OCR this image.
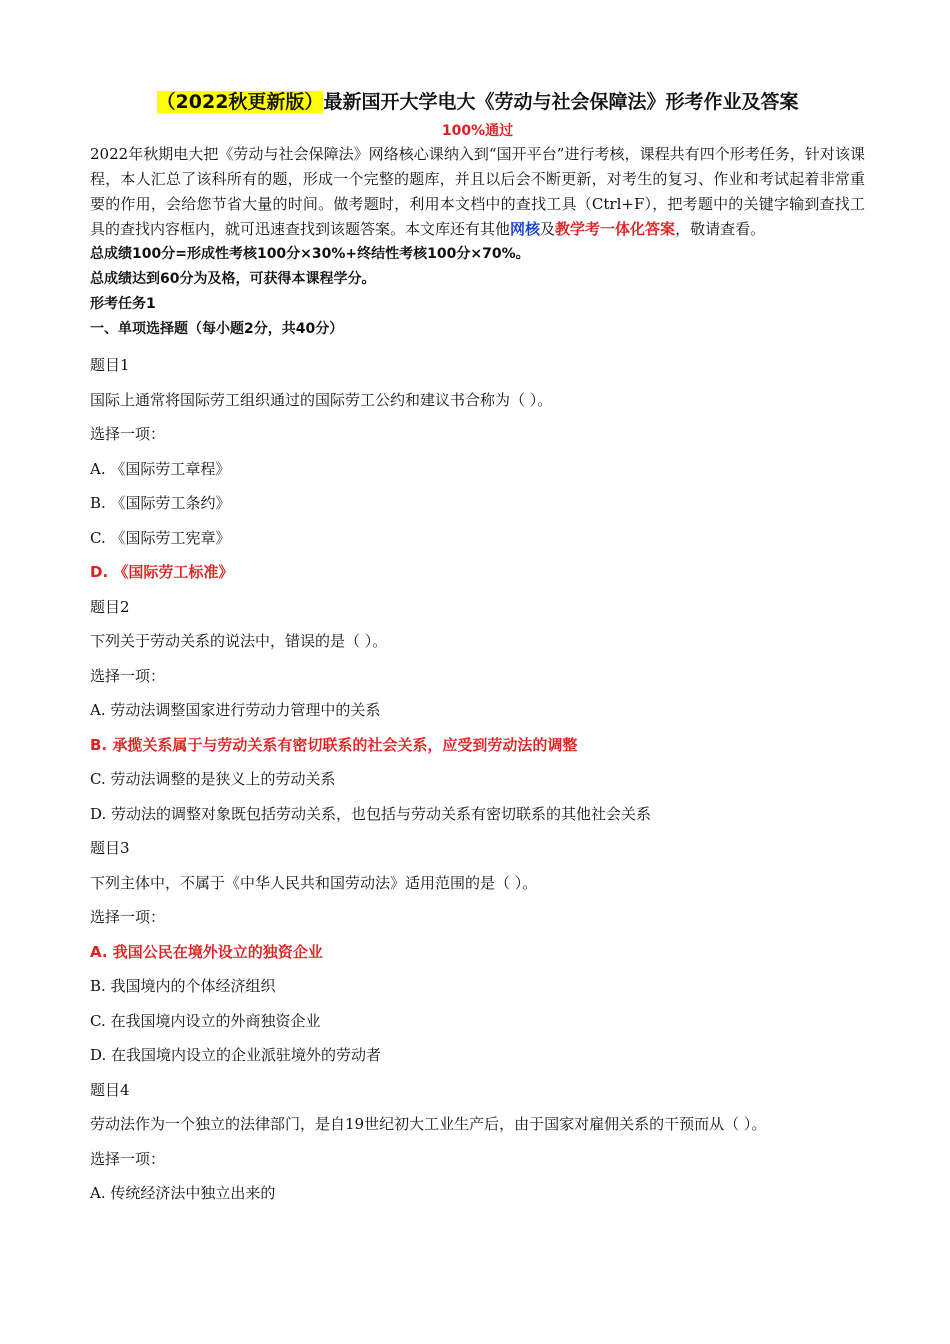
（2022秋更新版）最新国开大学电大《劳动与社会保障法》形考作业及答案

100%通过

2022年秋期电大把《劳动与社会保障法》网络核心课纳入到“国开平台”进行考核，课程共有四个形考任务，针对该课程，本人汇总了该科所有的题，形成一个完整的题库，并且以后会不断更新，对考生的复习、作业和考试起着非常重要的作用，会给您节省大量的时间。做考题时，利用本文档中的查找工具（Ctrl+F），把考题中的关键字输到查找工具的查找内容框内，就可迅速查找到该题答案。本文库还有其他网核及教学考一体化答案，敬请查看。

总成绩100分=形成性考核100分×30%+终结性考核100分×70%。

总成绩达到60分为及格，可获得本课程学分。

形考任务1

一、单项选择题（每小题2分，共40分）

题目1

国际上通常将国际劳工组织通过的国际劳工公约和建议书合称为（ ）。

选择一项：

A. 《国际劳工章程》

B. 《国际劳工条约》

C. 《国际劳工宪章》

D. 《国际劳工标准》

题目2

下列关于劳动关系的说法中，错误的是（ ）。

选择一项：

A. 劳动法调整国家进行劳动力管理中的关系

B. 承揽关系属于与劳动关系有密切联系的社会关系，应受到劳动法的调整

C. 劳动法调整的是狭义上的劳动关系

D. 劳动法的调整对象既包括劳动关系，也包括与劳动关系有密切联系的其他社会关系

题目3

下列主体中，不属于《中华人民共和国劳动法》适用范围的是（ ）。

选择一项：

A. 我国公民在境外设立的独资企业

B. 我国境内的个体经济组织

C. 在我国境内设立的外商独资企业

D. 在我国境内设立的企业派驻境外的劳动者

题目4

劳动法作为一个独立的法律部门，是自19世纪初大工业生产后，由于国家对雇佣关系的干预而从（ ）。

选择一项：

A. 传统经济法中独立出来的
